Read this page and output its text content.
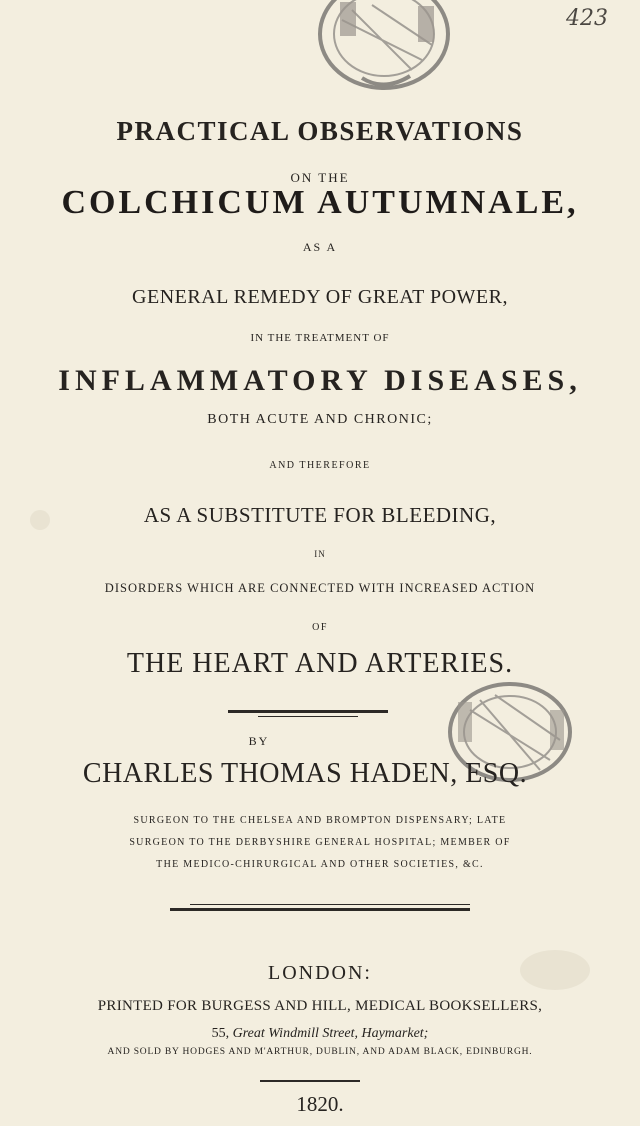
423
PRACTICAL OBSERVATIONS
ON THE
COLCHICUM AUTUMNALE,
AS A
GENERAL REMEDY OF GREAT POWER,
IN THE TREATMENT OF
INFLAMMATORY DISEASES,
BOTH ACUTE AND CHRONIC;
AND THEREFORE
AS A SUBSTITUTE FOR BLEEDING,
IN
DISORDERS WHICH ARE CONNECTED WITH INCREASED ACTION
OF
THE HEART AND ARTERIES.
BY
CHARLES THOMAS HADEN, ESQ.
SURGEON TO THE CHELSEA AND BROMPTON DISPENSARY; LATE
SURGEON TO THE DERBYSHIRE GENERAL HOSPITAL; MEMBER OF
THE MEDICO-CHIRURGICAL AND OTHER SOCIETIES, &C.
LONDON:
PRINTED FOR BURGESS AND HILL, MEDICAL BOOKSELLERS,
55, Great Windmill Street, Haymarket;
AND SOLD BY HODGES AND M'ARTHUR, DUBLIN, AND ADAM BLACK, EDINBURGH.
1820.
